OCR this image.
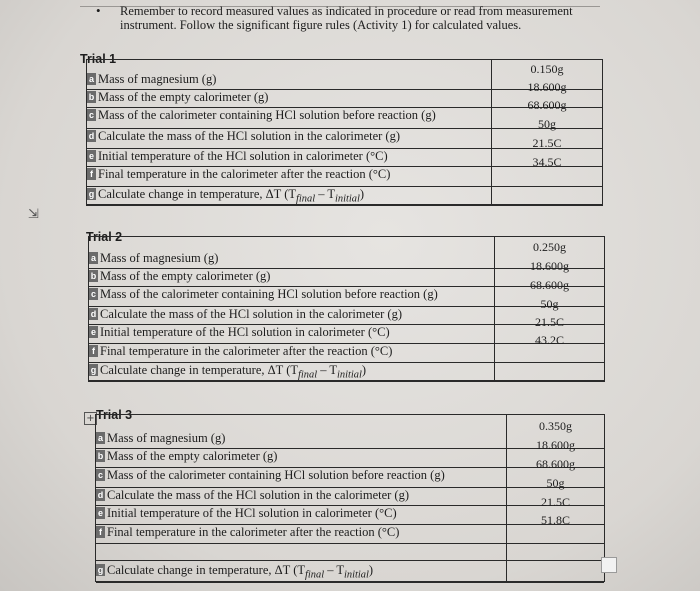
• Remember to record measured values as indicated in procedure or read from measurement
instrument. Follow the significant figure rules (Activity 1) for calculated values.
⇲
Trial 1
a Mass of magnesium (g)
b Mass of the empty calorimeter (g)
c Mass of the calorimeter containing HCl solution before reaction (g)
d Calculate the mass of the HCl solution in the calorimeter (g)
e Initial temperature of the HCl solution in calorimeter (°C)
f Final temperature in the calorimeter after the reaction (°C)
g Calculate change in temperature, ΔT $(T_{final} - T_{initial})$
0.150g
18.600g
68.600g
50g
21.5C
34.5C
Trial 2
a Mass of magnesium (g)
b Mass of the empty calorimeter (g)
c Mass of the calorimeter containing HCl solution before reaction (g)
d Calculate the mass of the HCl solution in the calorimeter (g)
e Initial temperature of the HCl solution in calorimeter (°C)
f Final temperature in the calorimeter after the reaction (°C)
g Calculate change in temperature, ΔT $(T_{final} - T_{initial})$
0.250g
18.600g
68.600g
50g
21.5C
43.2C
+ Trial 3
a Mass of magnesium (g)
b Mass of the empty calorimeter (g)
c Mass of the calorimeter containing HCl solution before reaction (g)
d Calculate the mass of the HCl solution in the calorimeter (g)
e Initial temperature of the HCl solution in calorimeter (°C)
f Final temperature in the calorimeter after the reaction (°C)
g Calculate change in temperature, ΔT $(T_{final} - T_{initial})$
0.350g
18.600g
68.600g
50g
21.5C
51.8C
